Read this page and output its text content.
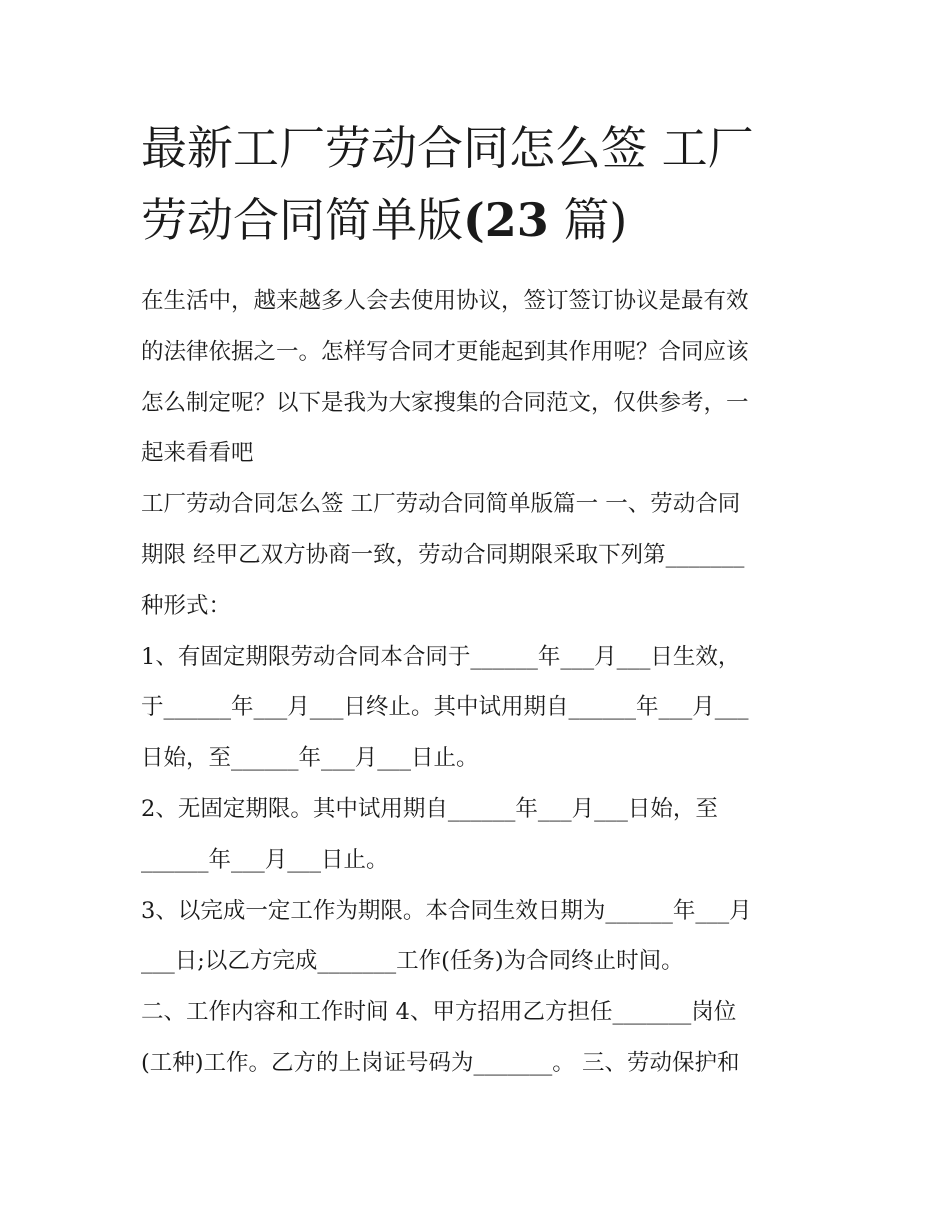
最新工厂劳动合同怎么签 工厂
劳动合同简单版(23 篇)

在生活中，越来越多人会去使用协议，签订签订协议是最有效
的法律依据之一。怎样写合同才更能起到其作用呢？合同应该
怎么制定呢？以下是我为大家搜集的合同范文，仅供参考，一
起来看看吧

工厂劳动合同怎么签 工厂劳动合同简单版篇一 一、劳动合同
期限 经甲乙双方协商一致，劳动合同期限采取下列第_______
种形式：

1、有固定期限劳动合同本合同于______年___月___日生效，
于______年___月___日终止。其中试用期自______年___月___
日始，至______年___月___日止。

2、无固定期限。其中试用期自______年___月___日始，至
______年___月___日止。

3、以完成一定工作为期限。本合同生效日期为______年___月
___日;以乙方完成_______工作(任务)为合同终止时间。

二、工作内容和工作时间 4、甲方招用乙方担任_______岗位
(工种)工作。乙方的上岗证号码为_______。 三、劳动保护和
